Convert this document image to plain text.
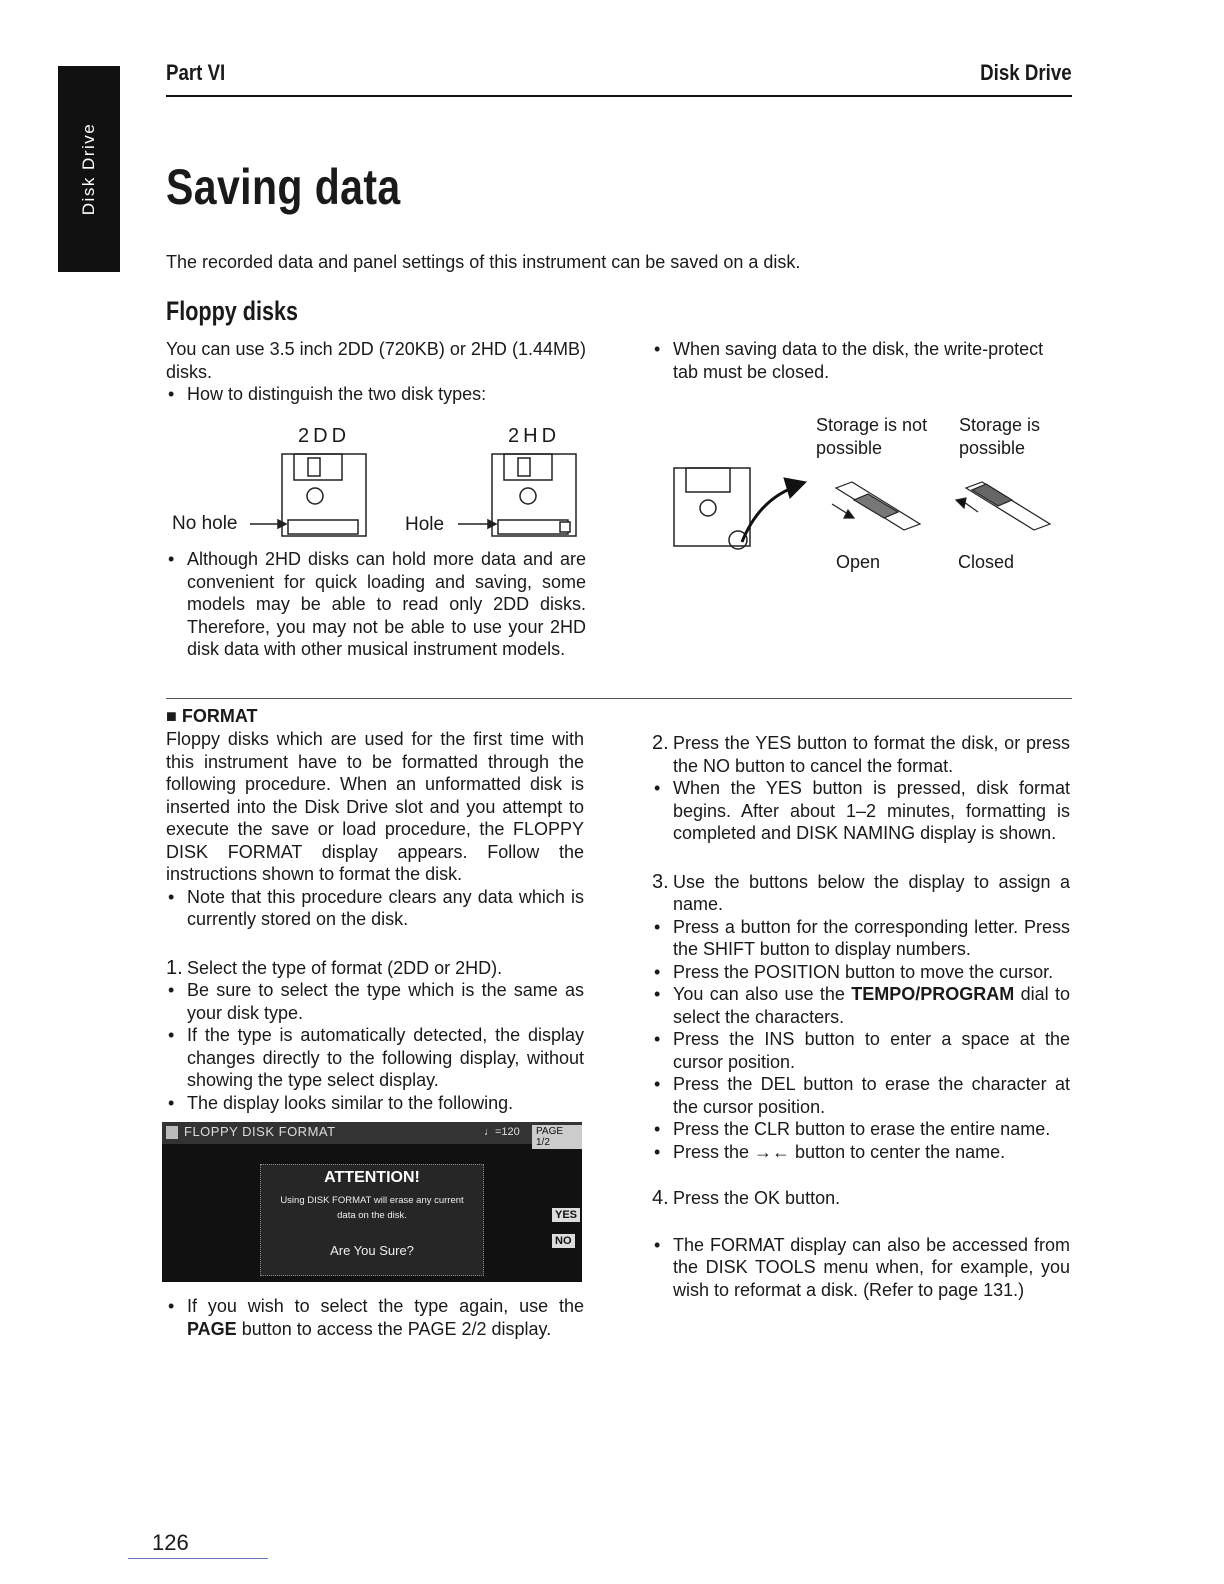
Disk Drive
Part VI	Disk Drive
Saving data
The recorded data and panel settings of this instrument can be saved on a disk.
Floppy disks

You can use 3.5 inch 2DD (720KB) or 2HD (1.44MB) disks.

• How to distinguish the two disk types:

2DD	2HD
No hole	Hole

• Although 2HD disks can hold more data and are convenient for quick loading and saving, some models may be able to read only 2DD disks. Therefore, you may not be able to use your 2HD disk data with other musical instrument models.

• When saving data to the disk, the write-protect tab must be closed.

Storage is not possible
Storage is possible
Open	Closed
■ FORMAT

Floppy disks which are used for the first time with this instrument have to be formatted through the following procedure. When an unformatted disk is inserted into the Disk Drive slot and you attempt to execute the save or load procedure, the FLOPPY DISK FORMAT display appears. Follow the instructions shown to format the disk.

• Note that this procedure clears any data which is currently stored on the disk.

1. Select the type of format (2DD or 2HD).

• Be sure to select the type which is the same as your disk type.

• If the type is automatically detected, the display changes directly to the following display, without showing the type select display.

• The display looks similar to the following.

FLOPPY DISK FORMAT	♩=120	PAGE 1/2
ATTENTION!
Using DISK FORMAT will erase any current
data on the disk.
Are You Sure?
YES
NO

• If you wish to select the type again, use the PAGE button to access the PAGE 2/2 display.

2. Press the YES button to format the disk, or press the NO button to cancel the format.

• When the YES button is pressed, disk format begins. After about 1–2 minutes, formatting is completed and DISK NAMING display is shown.

3. Use the buttons below the display to assign a name.

• Press a button for the corresponding letter. Press the SHIFT button to display numbers.

• Press the POSITION button to move the cursor.

• You can also use the TEMPO/PROGRAM dial to select the characters.

• Press the INS button to enter a space at the cursor position.

• Press the DEL button to erase the character at the cursor position.

• Press the CLR button to erase the entire name.

• Press the →← button to center the name.

4. Press the OK button.

• The FORMAT display can also be accessed from the DISK TOOLS menu when, for example, you wish to reformat a disk. (Refer to page 131.)

126
